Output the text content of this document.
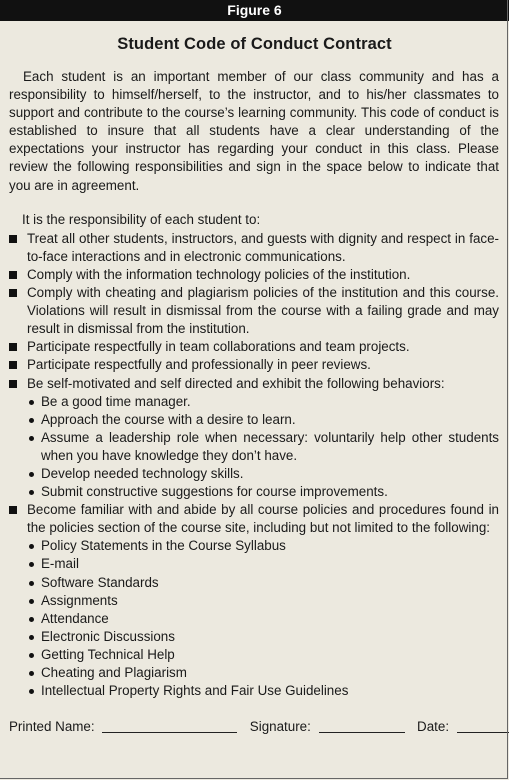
Figure 6
Student Code of Conduct Contract

Each student is an important member of our class community and has a responsibility to himself/herself, to the instructor, and to his/her classmates to support and contribute to the course’s learning community. This code of conduct is established to insure that all students have a clear understanding of the expectations your instructor has regarding your conduct in this class. Please review the following responsibilities and sign in the space below to indicate that you are in agreement.

It is the responsibility of each student to:
Treat all other students, instructors, and guests with dignity and respect in face-to-face interactions and in electronic communications.
Comply with the information technology policies of the institution.
Comply with cheating and plagiarism policies of the institution and this course. Violations will result in dismissal from the course with a failing grade and may result in dismissal from the institution.
Participate respectfully in team collaborations and team projects.
Participate respectfully and professionally in peer reviews.
Be self-motivated and self directed and exhibit the following behaviors:
Be a good time manager.
Approach the course with a desire to learn.
Assume a leadership role when necessary: voluntarily help other students when you have knowledge they don’t have.
Develop needed technology skills.
Submit constructive suggestions for course improvements.
Become familiar with and abide by all course policies and procedures found in the policies section of the course site, including but not limited to the following:
Policy Statements in the Course Syllabus
E-mail
Software Standards
Assignments
Attendance
Electronic Discussions
Getting Technical Help
Cheating and Plagiarism
Intellectual Property Rights and Fair Use Guidelines
Printed Name:	Signature:	Date:
